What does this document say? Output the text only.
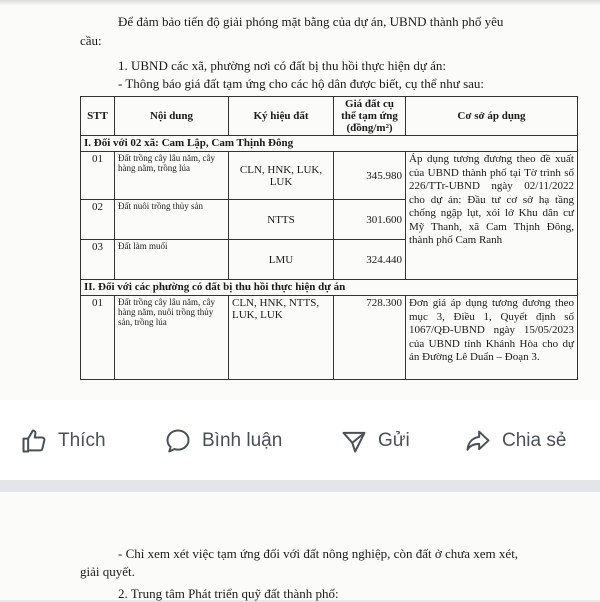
Để đảm bảo tiến độ giải phóng mặt bằng của dự án, UBND thành phố yêu
cầu:
1. UBND các xã, phường nơi có đất bị thu hồi thực hiện dự án:
- Thông báo giá đất tạm ứng cho các hộ dân được biết, cụ thể như sau:
STT	Nội dung	Ký hiệu đất	Giá đất cụ thể tạm ứng (đồng/m²)	Cơ sở áp dụng
I. Đối với 02 xã: Cam Lập, Cam Thịnh Đông				
01	Đất trồng cây lâu năm, cây hàng năm, trồng lúa	CLN, HNK, LUK, LUK	345.980	Áp dụng tương đương theo đề xuất của UBND thành phố tại Tờ trình số 226/TTr-UBND ngày 02/11/2022 cho dự án: Đầu tư cơ sở hạ tầng chống ngập lụt, xói lở Khu dân cư Mỹ Thanh, xã Cam Thịnh Đông, thành phố Cam Ranh
02	Đất nuôi trồng thủy sản	NTTS	301.600	
03	Đất làm muối	LMU	324.440	
II. Đối với các phường có đất bị thu hồi thực hiện dự án				
01	Đất trồng cây lâu năm, cây hàng năm, nuôi trồng thủy sản, trồng lúa	CLN, HNK, NTTS, LUK, LUK	728.300	Đơn giá áp dụng tương đương theo mục 3, Điều 1, Quyết định số 1067/QĐ-UBND ngày 15/05/2023 của UBND tỉnh Khánh Hòa cho dự án Đường Lê Duẩn – Đoạn 3.
Thích	Bình luận	Gửi	Chia sẻ
- Chỉ xem xét việc tạm ứng đối với đất nông nghiệp, còn đất ở chưa xem xét,
giải quyết.
2. Trung tâm Phát triển quỹ đất thành phố:
